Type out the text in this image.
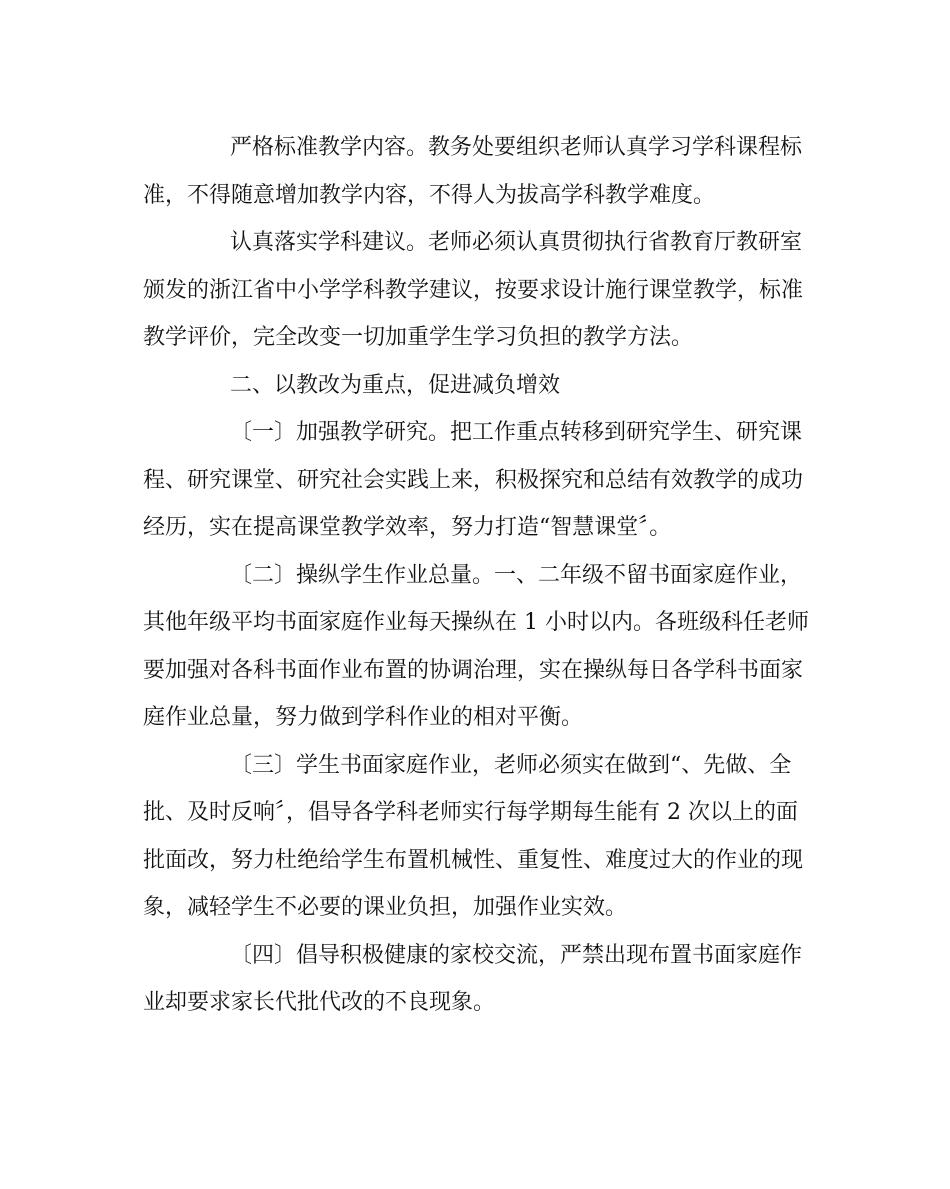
严格标准教学内容。教务处要组织老师认真学习学科课程标
准，不得随意增加教学内容，不得人为拔高学科教学难度。
认真落实学科建议。老师必须认真贯彻执行省教育厅教研室
颁发的浙江省中小学学科教学建议，按要求设计施行课堂教学，标准
教学评价，完全改变一切加重学生学习负担的教学方法。
二、以教改为重点，促进减负增效
〔一〕加强教学研究。把工作重点转移到研究学生、研究课
程、研究课堂、研究社会实践上来，积极探究和总结有效教学的成功
经历，实在提高课堂教学效率，努力打造“智慧课堂〞。
〔二〕操纵学生作业总量。一、二年级不留书面家庭作业，
其他年级平均书面家庭作业每天操纵在 1 小时以内。各班级科任老师
要加强对各科书面作业布置的协调治理，实在操纵每日各学科书面家
庭作业总量，努力做到学科作业的相对平衡。
〔三〕学生书面家庭作业，老师必须实在做到“、先做、全
批、及时反响〞，倡导各学科老师实行每学期每生能有 2 次以上的面
批面改，努力杜绝给学生布置机械性、重复性、难度过大的作业的现
象，减轻学生不必要的课业负担，加强作业实效。
〔四〕倡导积极健康的家校交流，严禁出现布置书面家庭作
业却要求家长代批代改的不良现象。
